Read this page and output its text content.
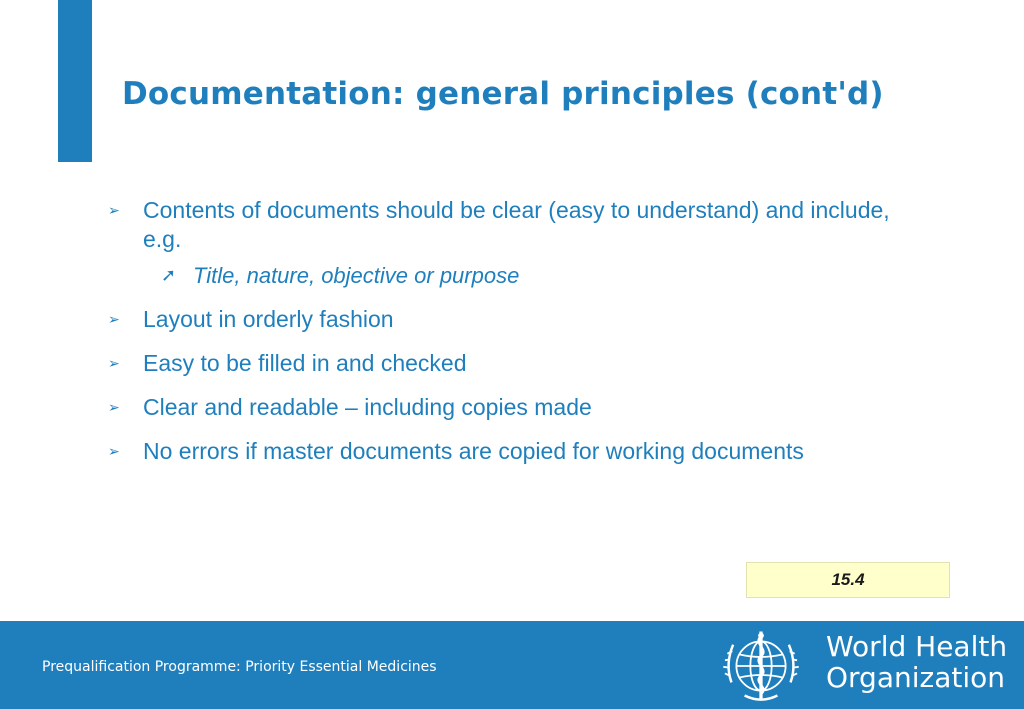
Documentation: general principles (cont'd)
➢ Contents of documents should be clear (easy to understand) and include, e.g.
➚ Title, nature, objective or purpose
➢ Layout in orderly fashion
➢ Easy to be filled in and checked
➢ Clear and readable – including copies made
➢ No errors if master documents are copied for working documents
15.4
Prequalification Programme: Priority Essential Medicines
World Health
Organization
